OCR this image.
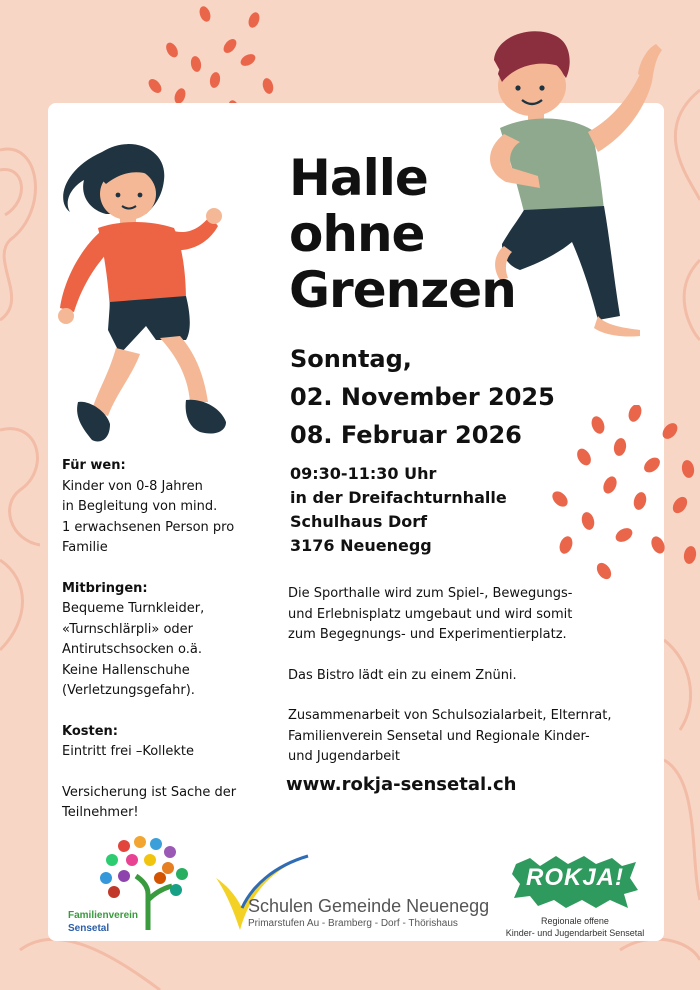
Halle
ohne
Grenzen
Sonntag,
02. November 2025
08. Februar 2026
09:30-11:30 Uhr
in der Dreifachturnhalle
Schulhaus Dorf
3176 Neuenegg
Für wen:
Kinder von 0-8 Jahren
in Begleitung von mind.
1 erwachsenen Person pro
Familie
Mitbringen:
Bequeme Turnkleider,
«Turnschlärpli» oder
Antirutschsocken o.ä.
Keine Hallenschuhe
(Verletzungsgefahr).
Kosten:
Eintritt frei –Kollekte
Versicherung ist Sache der
Teilnehmer!
Die Sporthalle wird zum Spiel-, Bewegungs-
und Erlebnisplatz umgebaut und wird somit
zum Begegnungs- und Experimentierplatz.
Das Bistro lädt ein zu einem Znüni.
Zusammenarbeit von Schulsozialarbeit, Elternrat,
Familienverein Sensetal und Regionale Kinder-
und Jugendarbeit
www.rokja-sensetal.ch
Familienverein
Sensetal
Schulen Gemeinde Neuenegg
Primarstufen Au - Bramberg - Dorf - Thörishaus
ROKJA!
Regionale offene
Kinder- und Jugendarbeit Sensetal
